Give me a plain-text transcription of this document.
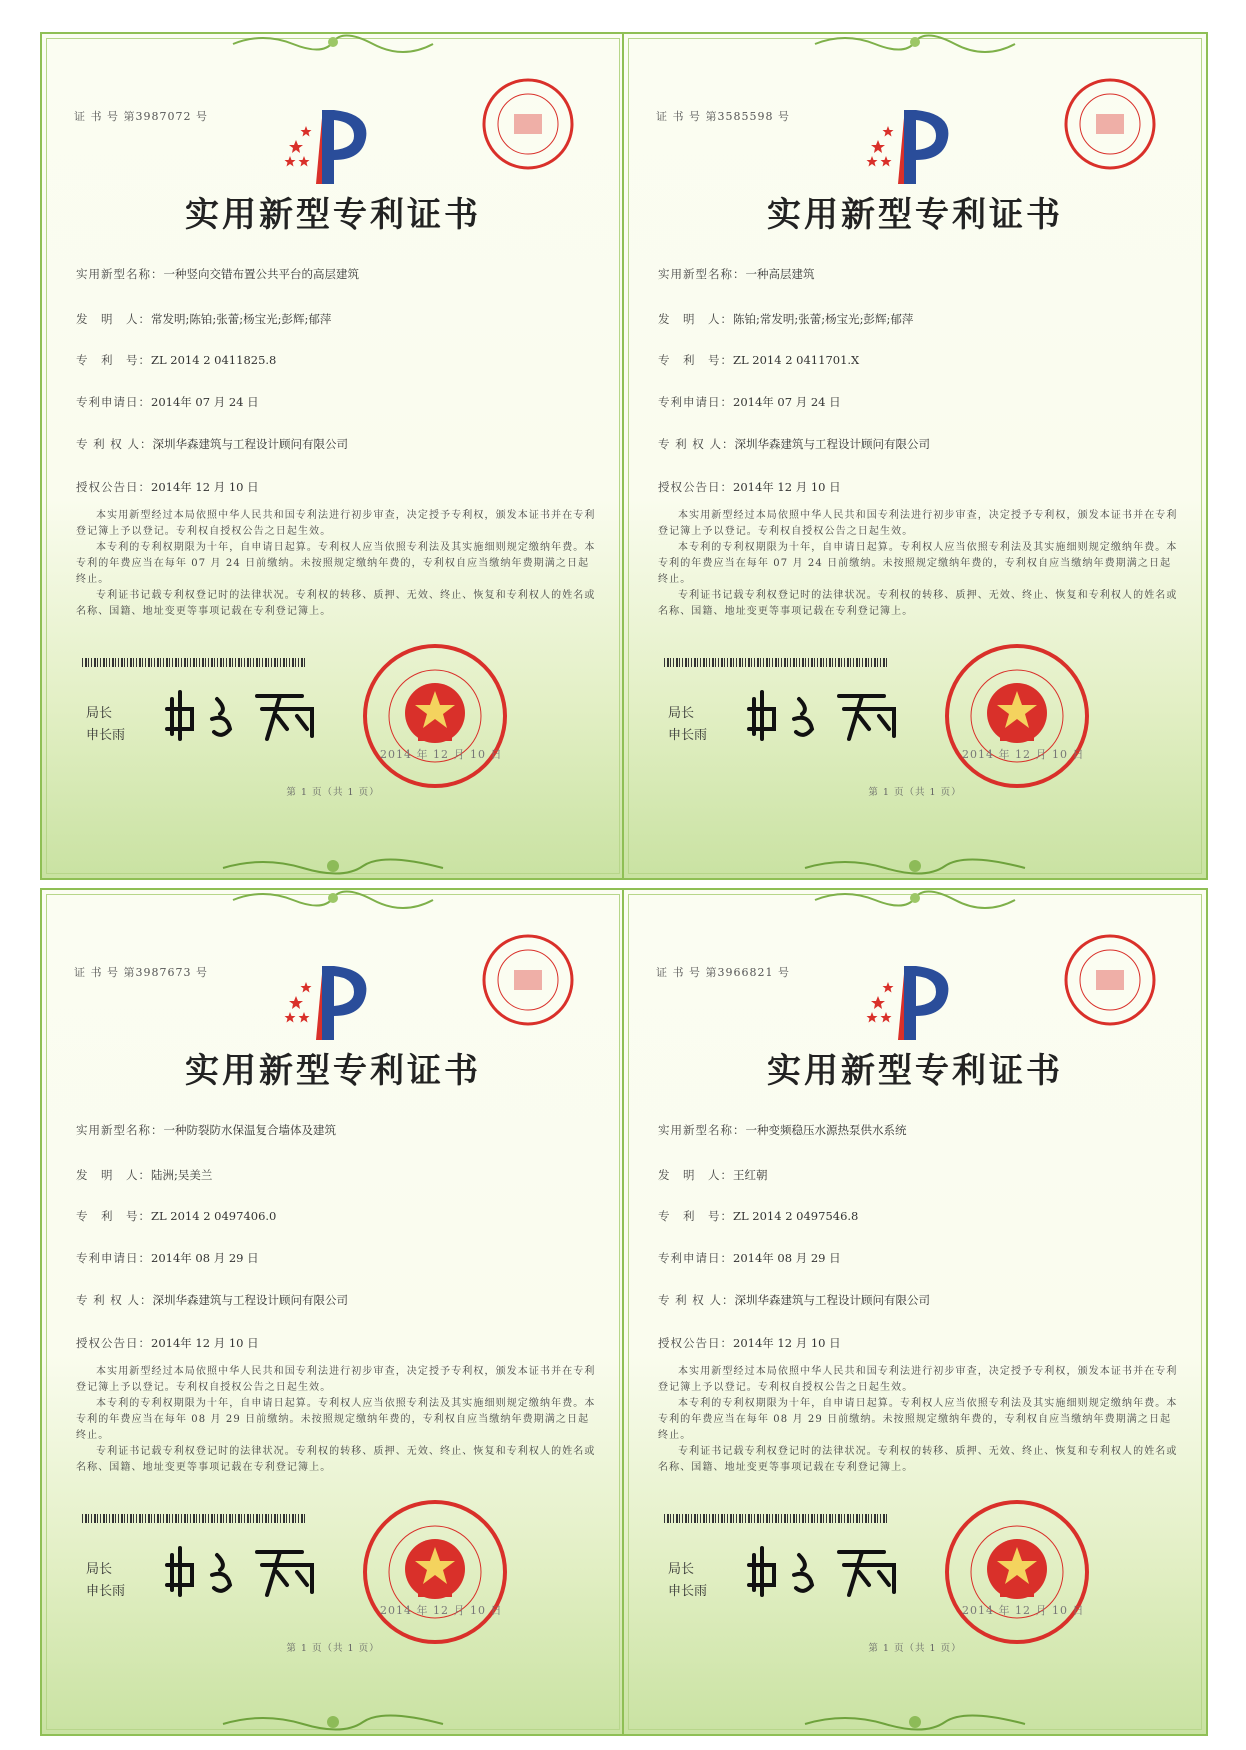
证 书 号 第3987072 号
实用新型专利证书
实用新型名称：一种竖向交错布置公共平台的高层建筑
发　明　人：常发明;陈铂;张蕾;杨宝光;彭辉;郁萍
专　利　号：ZL 2014 2 0411825.8
专利申请日：2014年 07 月 24 日
专 利 权 人：深圳华森建筑与工程设计顾问有限公司
授权公告日：2014年 12 月 10 日

本实用新型经过本局依照中华人民共和国专利法进行初步审查，决定授予专利权，颁发本证书并在专利登记簿上予以登记。专利权自授权公告之日起生效。

本专利的专利权期限为十年，自申请日起算。专利权人应当依照专利法及其实施细则规定缴纳年费。本专利的年费应当在每年 07 月 24 日前缴纳。未按照规定缴纳年费的，专利权自应当缴纳年费期满之日起终止。

专利证书记载专利权登记时的法律状况。专利权的转移、质押、无效、终止、恢复和专利权人的姓名或名称、国籍、地址变更等事项记载在专利登记簿上。

局长
申长雨
2014 年 12 月 10 日
第 1 页（共 1 页）
证 书 号 第3585598 号
实用新型专利证书
实用新型名称：一种高层建筑
发　明　人：陈铂;常发明;张蕾;杨宝光;彭辉;郁萍
专　利　号：ZL 2014 2 0411701.X
专利申请日：2014年 07 月 24 日
专 利 权 人：深圳华森建筑与工程设计顾问有限公司
授权公告日：2014年 12 月 10 日

本实用新型经过本局依照中华人民共和国专利法进行初步审查，决定授予专利权，颁发本证书并在专利登记簿上予以登记。专利权自授权公告之日起生效。

本专利的专利权期限为十年，自申请日起算。专利权人应当依照专利法及其实施细则规定缴纳年费。本专利的年费应当在每年 07 月 24 日前缴纳。未按照规定缴纳年费的，专利权自应当缴纳年费期满之日起终止。

专利证书记载专利权登记时的法律状况。专利权的转移、质押、无效、终止、恢复和专利权人的姓名或名称、国籍、地址变更等事项记载在专利登记簿上。

局长
申长雨
2014 年 12 月 10 日
第 1 页（共 1 页）
证 书 号 第3987673 号
实用新型专利证书
实用新型名称：一种防裂防水保温复合墙体及建筑
发　明　人：陆洲;吴美兰
专　利　号：ZL 2014 2 0497406.0
专利申请日：2014年 08 月 29 日
专 利 权 人：深圳华森建筑与工程设计顾问有限公司
授权公告日：2014年 12 月 10 日

本实用新型经过本局依照中华人民共和国专利法进行初步审查，决定授予专利权，颁发本证书并在专利登记簿上予以登记。专利权自授权公告之日起生效。

本专利的专利权期限为十年，自申请日起算。专利权人应当依照专利法及其实施细则规定缴纳年费。本专利的年费应当在每年 08 月 29 日前缴纳。未按照规定缴纳年费的，专利权自应当缴纳年费期满之日起终止。

专利证书记载专利权登记时的法律状况。专利权的转移、质押、无效、终止、恢复和专利权人的姓名或名称、国籍、地址变更等事项记载在专利登记簿上。

局长
申长雨
2014 年 12 月 10 日
第 1 页（共 1 页）
证 书 号 第3966821 号
实用新型专利证书
实用新型名称：一种变频稳压水源热泵供水系统
发　明　人：王红朝
专　利　号：ZL 2014 2 0497546.8
专利申请日：2014年 08 月 29 日
专 利 权 人：深圳华森建筑与工程设计顾问有限公司
授权公告日：2014年 12 月 10 日

本实用新型经过本局依照中华人民共和国专利法进行初步审查，决定授予专利权，颁发本证书并在专利登记簿上予以登记。专利权自授权公告之日起生效。

本专利的专利权期限为十年，自申请日起算。专利权人应当依照专利法及其实施细则规定缴纳年费。本专利的年费应当在每年 08 月 29 日前缴纳。未按照规定缴纳年费的，专利权自应当缴纳年费期满之日起终止。

专利证书记载专利权登记时的法律状况。专利权的转移、质押、无效、终止、恢复和专利权人的姓名或名称、国籍、地址变更等事项记载在专利登记簿上。

局长
申长雨
2014 年 12 月 10 日
第 1 页（共 1 页）
